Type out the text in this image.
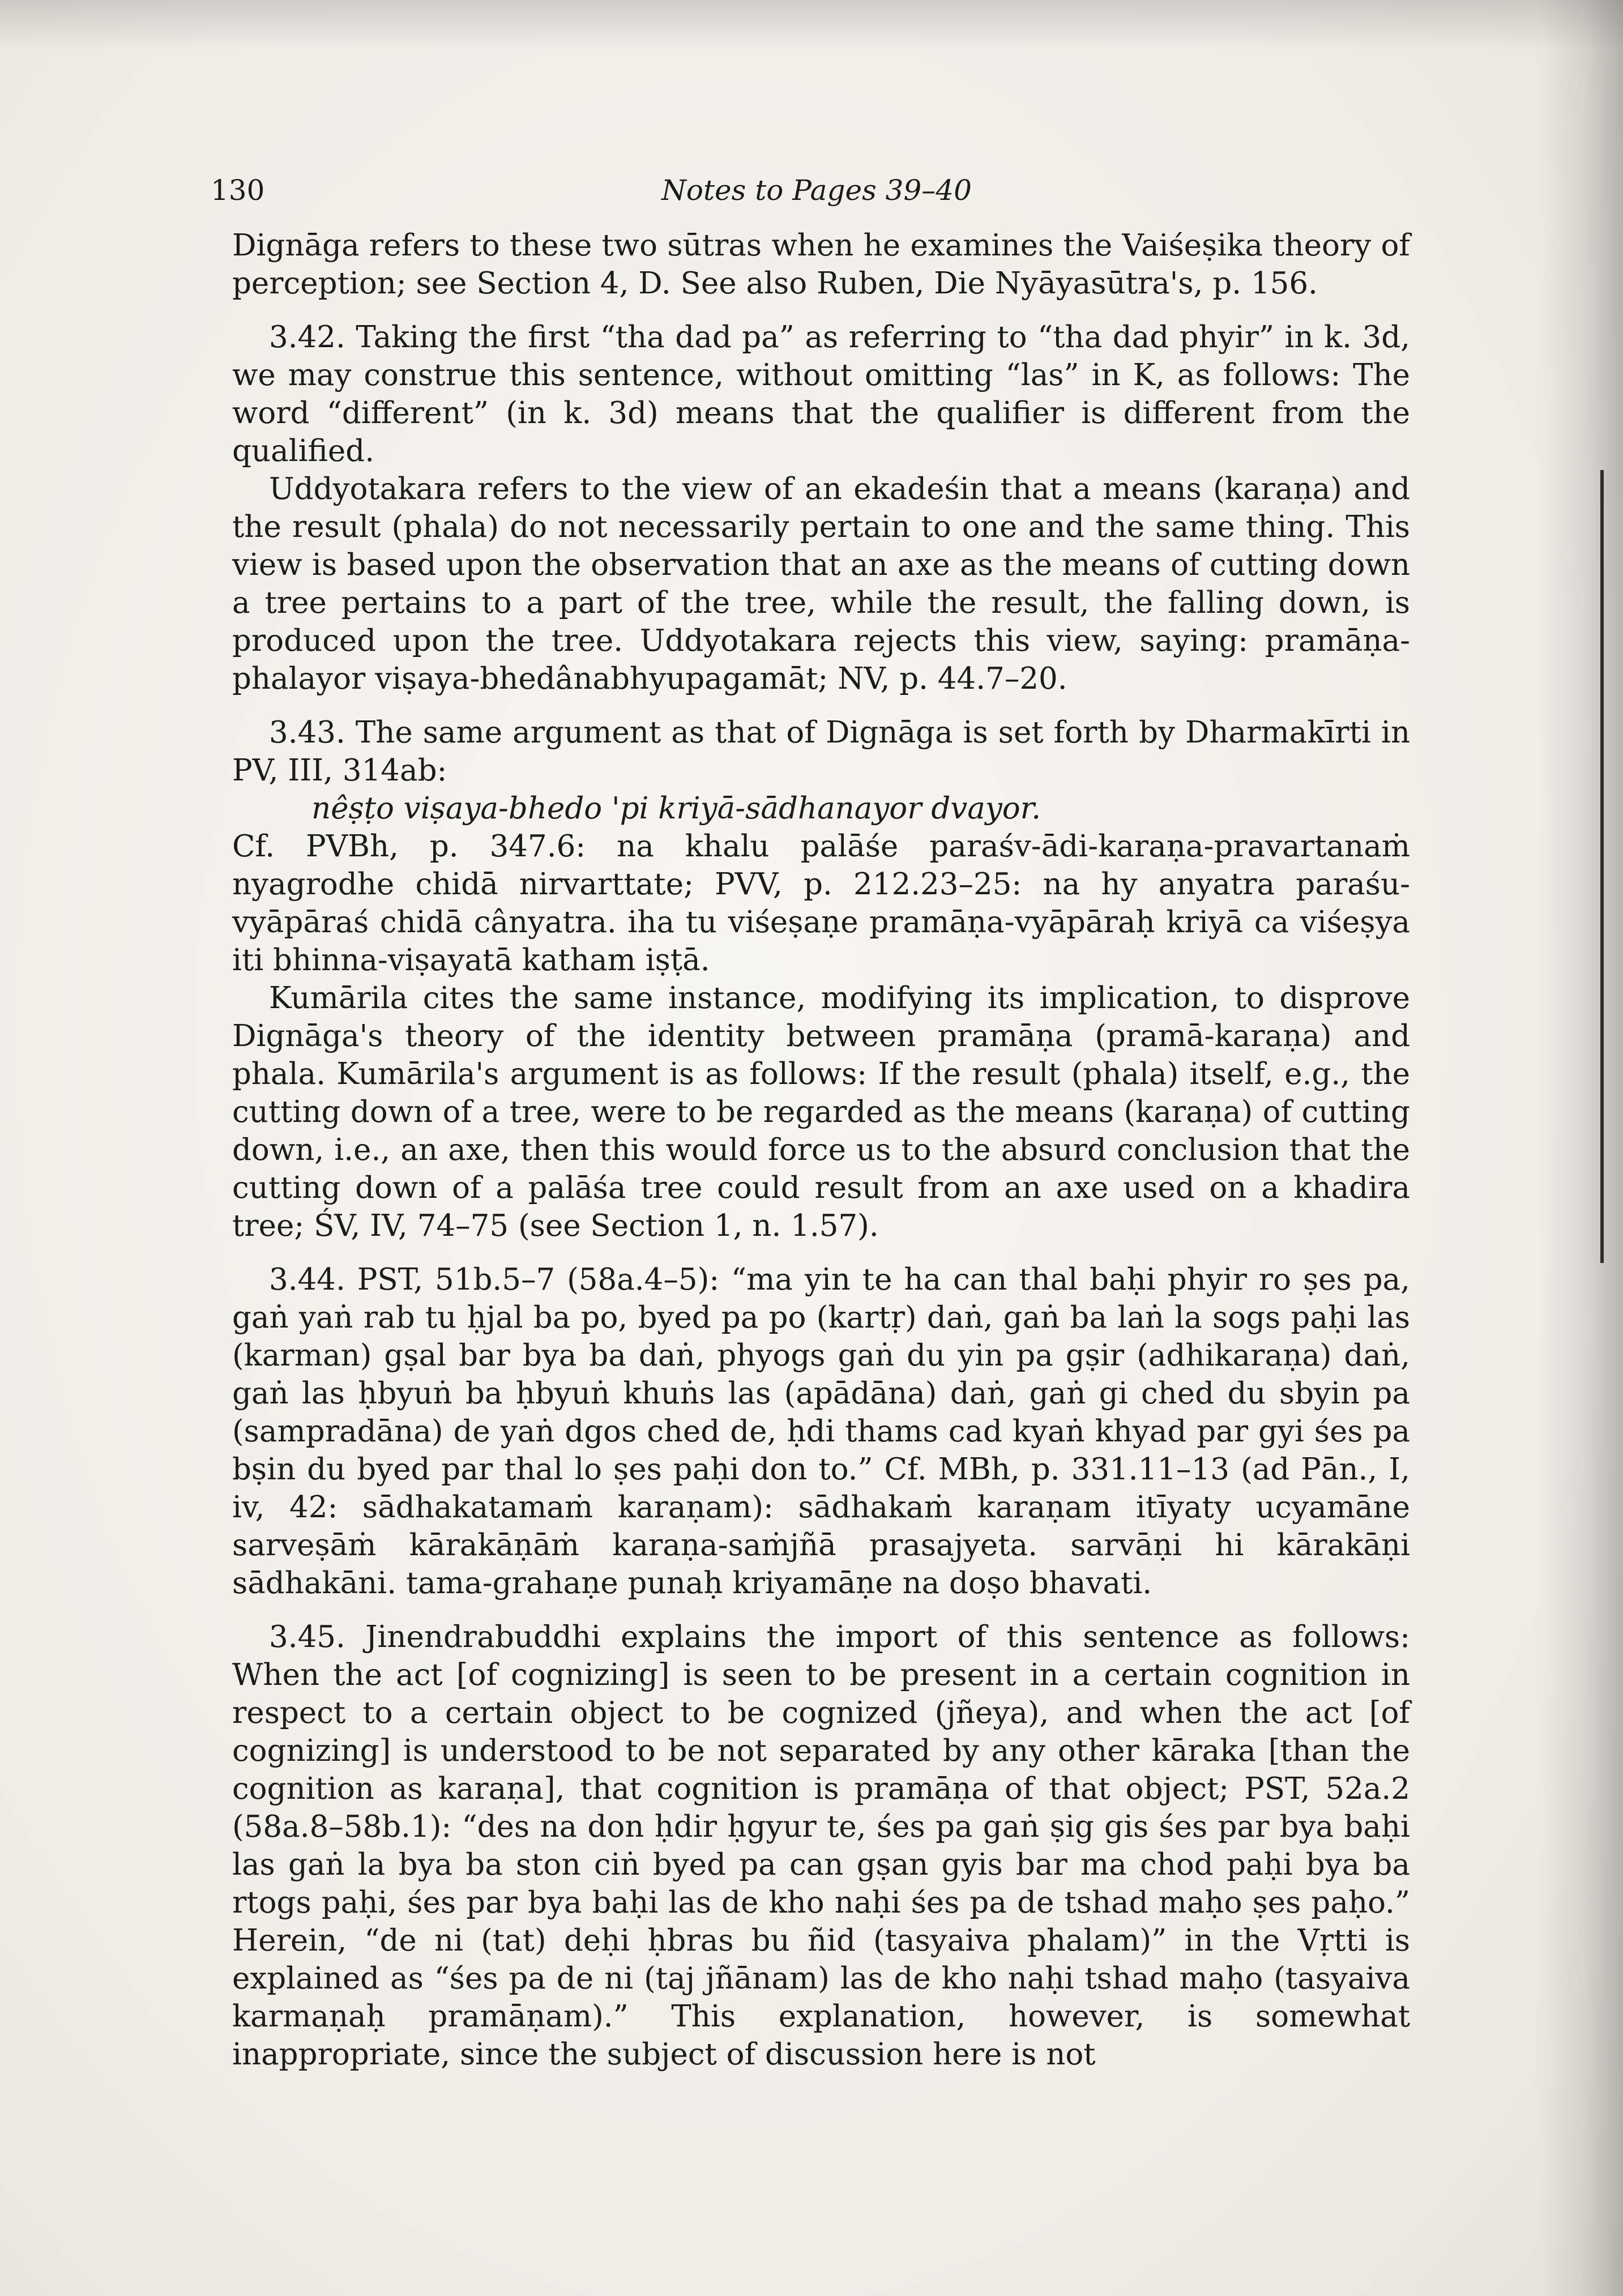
130	Notes to Pages 39–40

Dignāga refers to these two sūtras when he examines the Vaiśeṣika theory of perception; see Section 4, D. See also Ruben, Die Nyāyasūtra's, p. 156.

3.42. Taking the first “tha dad pa” as referring to “tha dad phyir” in k. 3d, we may construe this sentence, without omitting “las” in K, as follows: The word “different” (in k. 3d) means that the qualifier is different from the qualified.

Uddyotakara refers to the view of an ekadeśin that a means (karaṇa) and the result (phala) do not necessarily pertain to one and the same thing. This view is based upon the observation that an axe as the means of cutting down a tree pertains to a part of the tree, while the result, the falling down, is produced upon the tree. Uddyotakara rejects this view, saying: pramāṇa-phalayor viṣaya-bhedânabhyupagamāt; NV, p. 44.7–20.

3.43. The same argument as that of Dignāga is set forth by Dharmakīrti in PV, III, 314ab:

nêṣṭo viṣaya-bhedo 'pi kriyā-sādhanayor dvayor.

Cf. PVBh, p. 347.6: na khalu palāśe paraśv-ādi-karaṇa-pravartanaṁ nyagrodhe chidā nirvarttate; PVV, p. 212.23–25: na hy anyatra paraśu-vyāpāraś chidā cânyatra. iha tu viśeṣaṇe pramāṇa-vyāpāraḥ kriyā ca viśeṣya iti bhinna-viṣayatā katham iṣṭā.

Kumārila cites the same instance, modifying its implication, to disprove Dignāga's theory of the identity between pramāṇa (pramā-karaṇa) and phala. Kumārila's argument is as follows: If the result (phala) itself, e.g., the cutting down of a tree, were to be regarded as the means (karaṇa) of cutting down, i.e., an axe, then this would force us to the absurd conclusion that the cutting down of a palāśa tree could result from an axe used on a khadira tree; ŚV, IV, 74–75 (see Section 1, n. 1.57).

3.44. PST, 51b.5–7 (58a.4–5): “ma yin te ha can thal baḥi phyir ro ṣes pa, gaṅ yaṅ rab tu ḥjal ba po, byed pa po (kartṛ) daṅ, gaṅ ba laṅ la sogs paḥi las (karman) gṣal bar bya ba daṅ, phyogs gaṅ du yin pa gṣir (adhikaraṇa) daṅ, gaṅ las ḥbyuṅ ba ḥbyuṅ khuṅs las (apādāna) daṅ, gaṅ gi ched du sbyin pa (sampradāna) de yaṅ dgos ched de, ḥdi thams cad kyaṅ khyad par gyi śes pa bṣin du byed par thal lo ṣes paḥi don to.” Cf. MBh, p. 331.11–13 (ad Pān., I, iv, 42: sādhakatamaṁ karaṇam): sādhakaṁ karaṇam itīyaty ucyamāne sarveṣāṁ kārakāṇāṁ karaṇa-saṁjñā prasajyeta. sarvāṇi hi kārakāṇi sādhakāni. tama-grahaṇe punaḥ kriyamāṇe na doṣo bhavati.

3.45. Jinendrabuddhi explains the import of this sentence as follows: When the act [of cognizing] is seen to be present in a certain cognition in respect to a certain object to be cognized (jñeya), and when the act [of cognizing] is understood to be not separated by any other kāraka [than the cognition as karaṇa], that cognition is pramāṇa of that object; PST, 52a.2 (58a.8–58b.1): “des na don ḥdir ḥgyur te, śes pa gaṅ ṣig gis śes par bya baḥi las gaṅ la bya ba ston ciṅ byed pa can gṣan gyis bar ma chod paḥi bya ba rtogs paḥi, śes par bya baḥi las de kho naḥi śes pa de tshad maḥo ṣes paḥo.” Herein, “de ni (tat) deḥi ḥbras bu ñid (tasyaiva phalam)” in the Vṛtti is explained as “śes pa de ni (taj jñānam) las de kho naḥi tshad maḥo (tasyaiva karmaṇaḥ pramāṇam).” This explanation, however, is somewhat inappropriate, since the subject of discussion here is not
